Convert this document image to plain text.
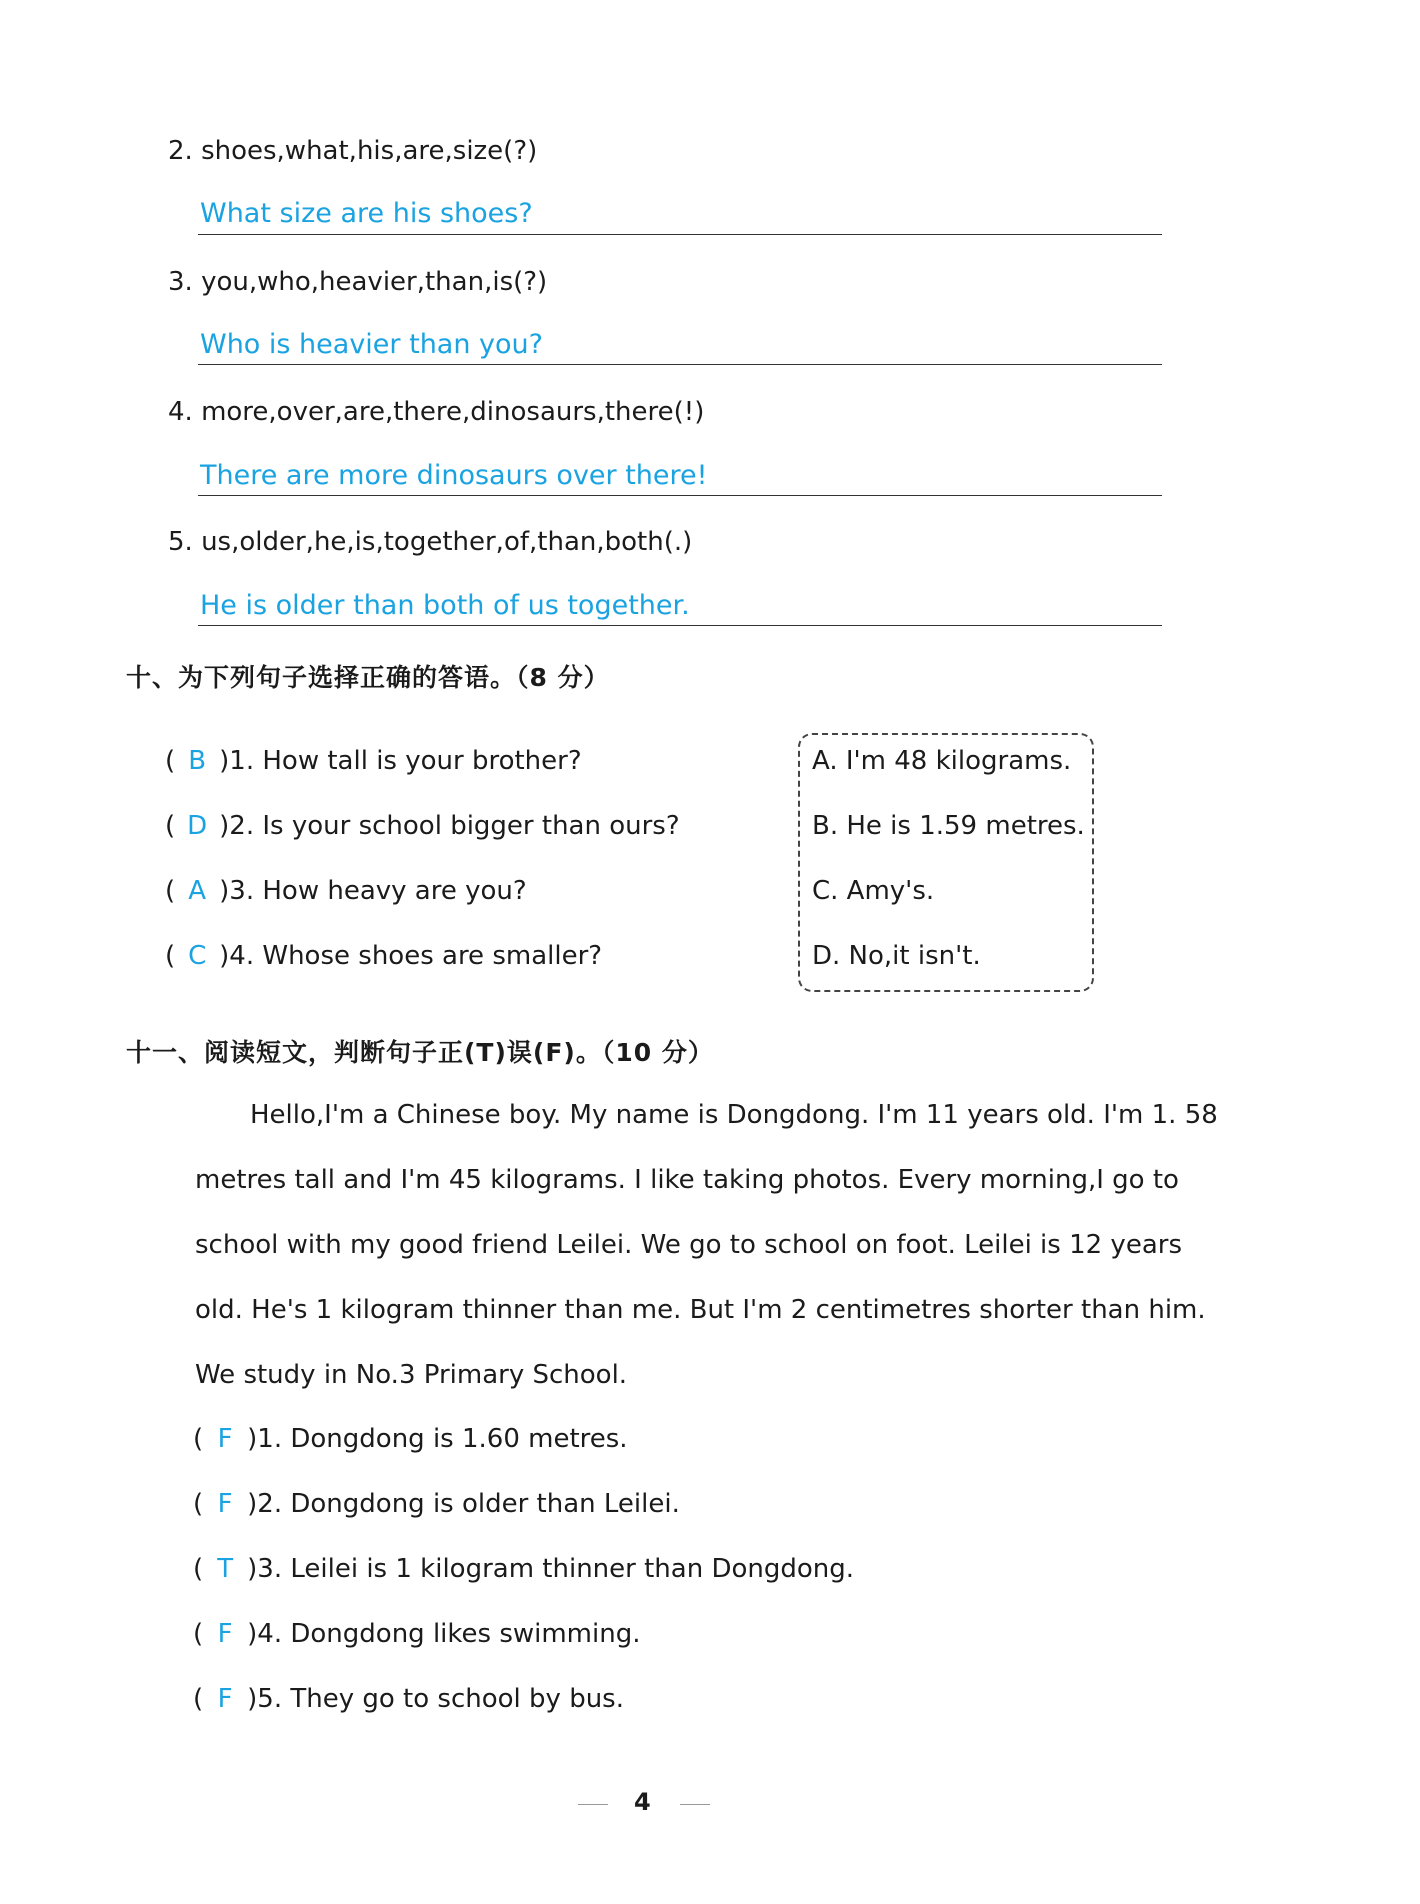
2. shoes,what,his,are,size(?)
What size are his shoes?
3. you,who,heavier,than,is(?)
Who is heavier than you?
4. more,over,are,there,dinosaurs,there(!)
There are more dinosaurs over there!
5. us,older,he,is,together,of,than,both(.)
He is older than both of us together.
十、为下列句子选择正确的答语。（8 分）
( B )1. How tall is your brother?
( D )2. Is your school bigger than ours?
( A )3. How heavy are you?
( C )4. Whose shoes are smaller?
A. I'm 48 kilograms.
B. He is 1.59 metres.
C. Amy's.
D. No,it isn't.
十一、阅读短文，判断句子正(T)误(F)。（10 分）
Hello,I'm a Chinese boy. My name is Dongdong. I'm 11 years old. I'm 1. 58
metres tall and I'm 45 kilograms. I like taking photos. Every morning,I go to
school with my good friend Leilei. We go to school on foot. Leilei is 12 years
old. He's 1 kilogram thinner than me. But I'm 2 centimetres shorter than him.
We study in No.3 Primary School.
( F )1. Dongdong is 1.60 metres.
( F )2. Dongdong is older than Leilei.
( T )3. Leilei is 1 kilogram thinner than Dongdong.
( F )4. Dongdong likes swimming.
( F )5. They go to school by bus.
4
